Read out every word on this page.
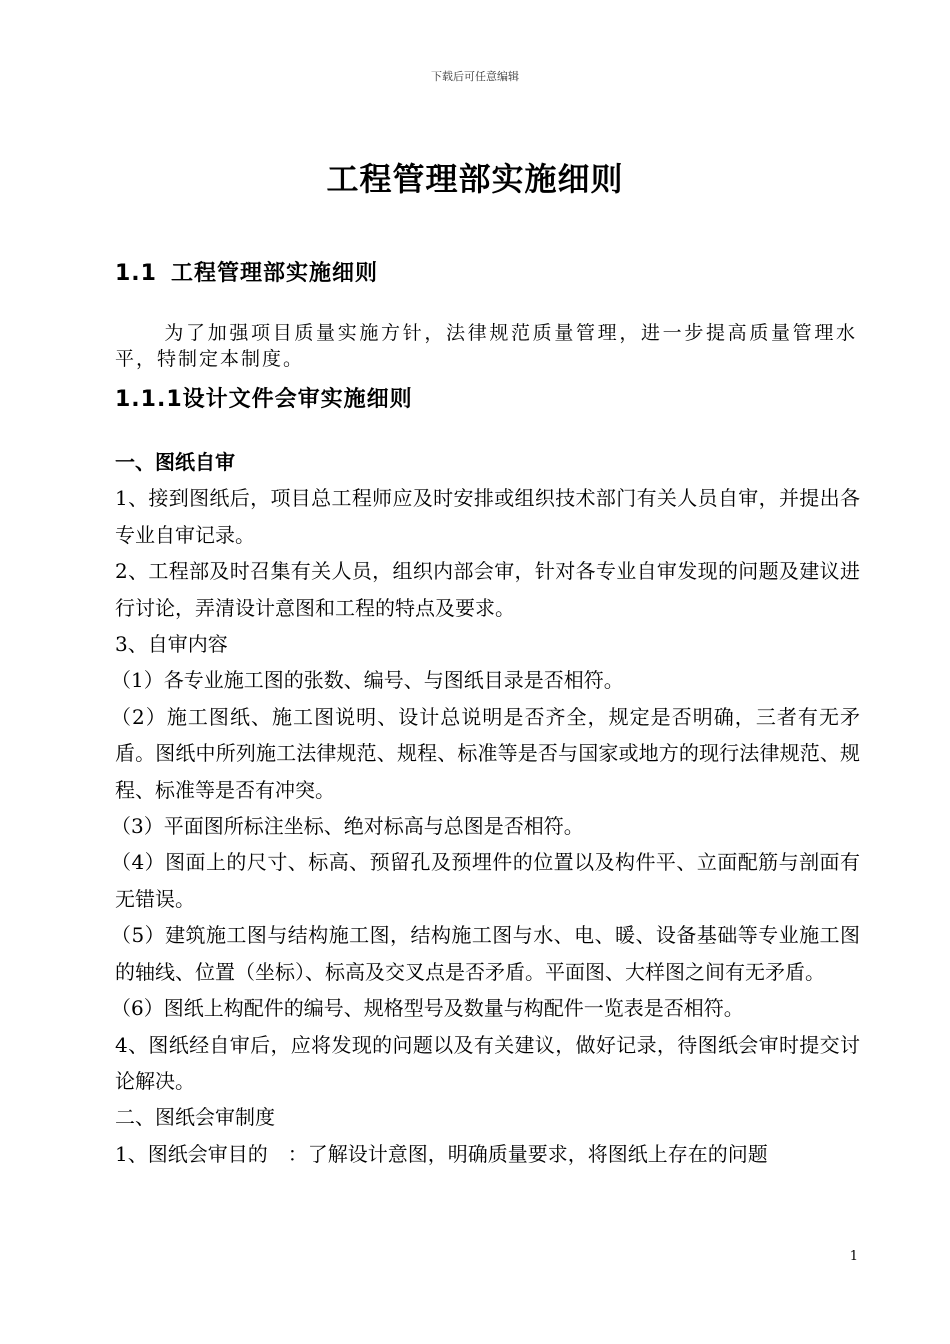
下载后可任意编辑
工程管理部实施细则
1.1 工程管理部实施细则
为了加强项目质量实施方针，法律规范质量管理，进一步提高质量管理水平，特制定本制度。
1.1.1设计文件会审实施细则

一、图纸自审

1、接到图纸后，项目总工程师应及时安排或组织技术部门有关人员自审，并提出各专业自审记录。

2、工程部及时召集有关人员，组织内部会审，针对各专业自审发现的问题及建议进行讨论，弄清设计意图和工程的特点及要求。

3、自审内容

（1）各专业施工图的张数、编号、与图纸目录是否相符。

（2）施工图纸、施工图说明、设计总说明是否齐全，规定是否明确，三者有无矛盾。图纸中所列施工法律规范、规程、标准等是否与国家或地方的现行法律规范、规程、标准等是否有冲突。

（3）平面图所标注坐标、绝对标高与总图是否相符。

（4）图面上的尺寸、标高、预留孔及预埋件的位置以及构件平、立面配筋与剖面有无错误。

（5）建筑施工图与结构施工图，结构施工图与水、电、暖、设备基础等专业施工图的轴线、位置（坐标）、标高及交叉点是否矛盾。平面图、大样图之间有无矛盾。

（6）图纸上构配件的编号、规格型号及数量与构配件一览表是否相符。

4、图纸经自审后，应将发现的问题以及有关建议，做好记录，待图纸会审时提交讨论解决。

二、图纸会审制度

1、图纸会审目的　：了解设计意图，明确质量要求，将图纸上存在的问题

1
